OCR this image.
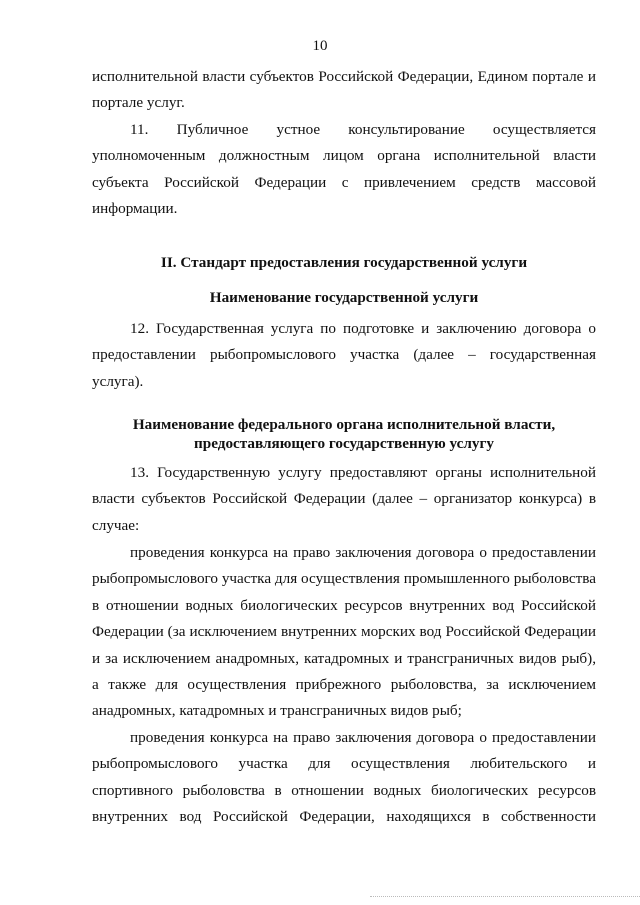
10

исполнительной власти субъектов Российской Федерации, Едином портале и портале услуг.

11. Публичное устное консультирование осуществляется уполномоченным должностным лицом органа исполнительной власти субъекта Российской Федерации с привлечением средств массовой информации.

II. Стандарт предоставления государственной услуги

Наименование государственной услуги

12. Государственная услуга по подготовке и заключению договора о предоставлении рыбопромыслового участка (далее – государственная услуга).

Наименование федерального органа исполнительной власти,

предоставляющего государственную услугу

13. Государственную услугу предоставляют органы исполнительной власти субъектов Российской Федерации (далее – организатор конкурса) в случае:

проведения конкурса на право заключения договора о предоставлении рыбопромыслового участка для осуществления промышленного рыболовства в отношении водных биологических ресурсов внутренних вод Российской Федерации (за исключением внутренних морских вод Российской Федерации и за исключением анадромных, катадромных и трансграничных видов рыб), а также для осуществления прибрежного рыболовства, за исключением анадромных, катадромных и трансграничных видов рыб;

проведения конкурса на право заключения договора о предоставлении рыбопромыслового участка для осуществления любительского и спортивного рыболовства в отношении водных биологических ресурсов внутренних вод Российской Федерации, находящихся в собственности
